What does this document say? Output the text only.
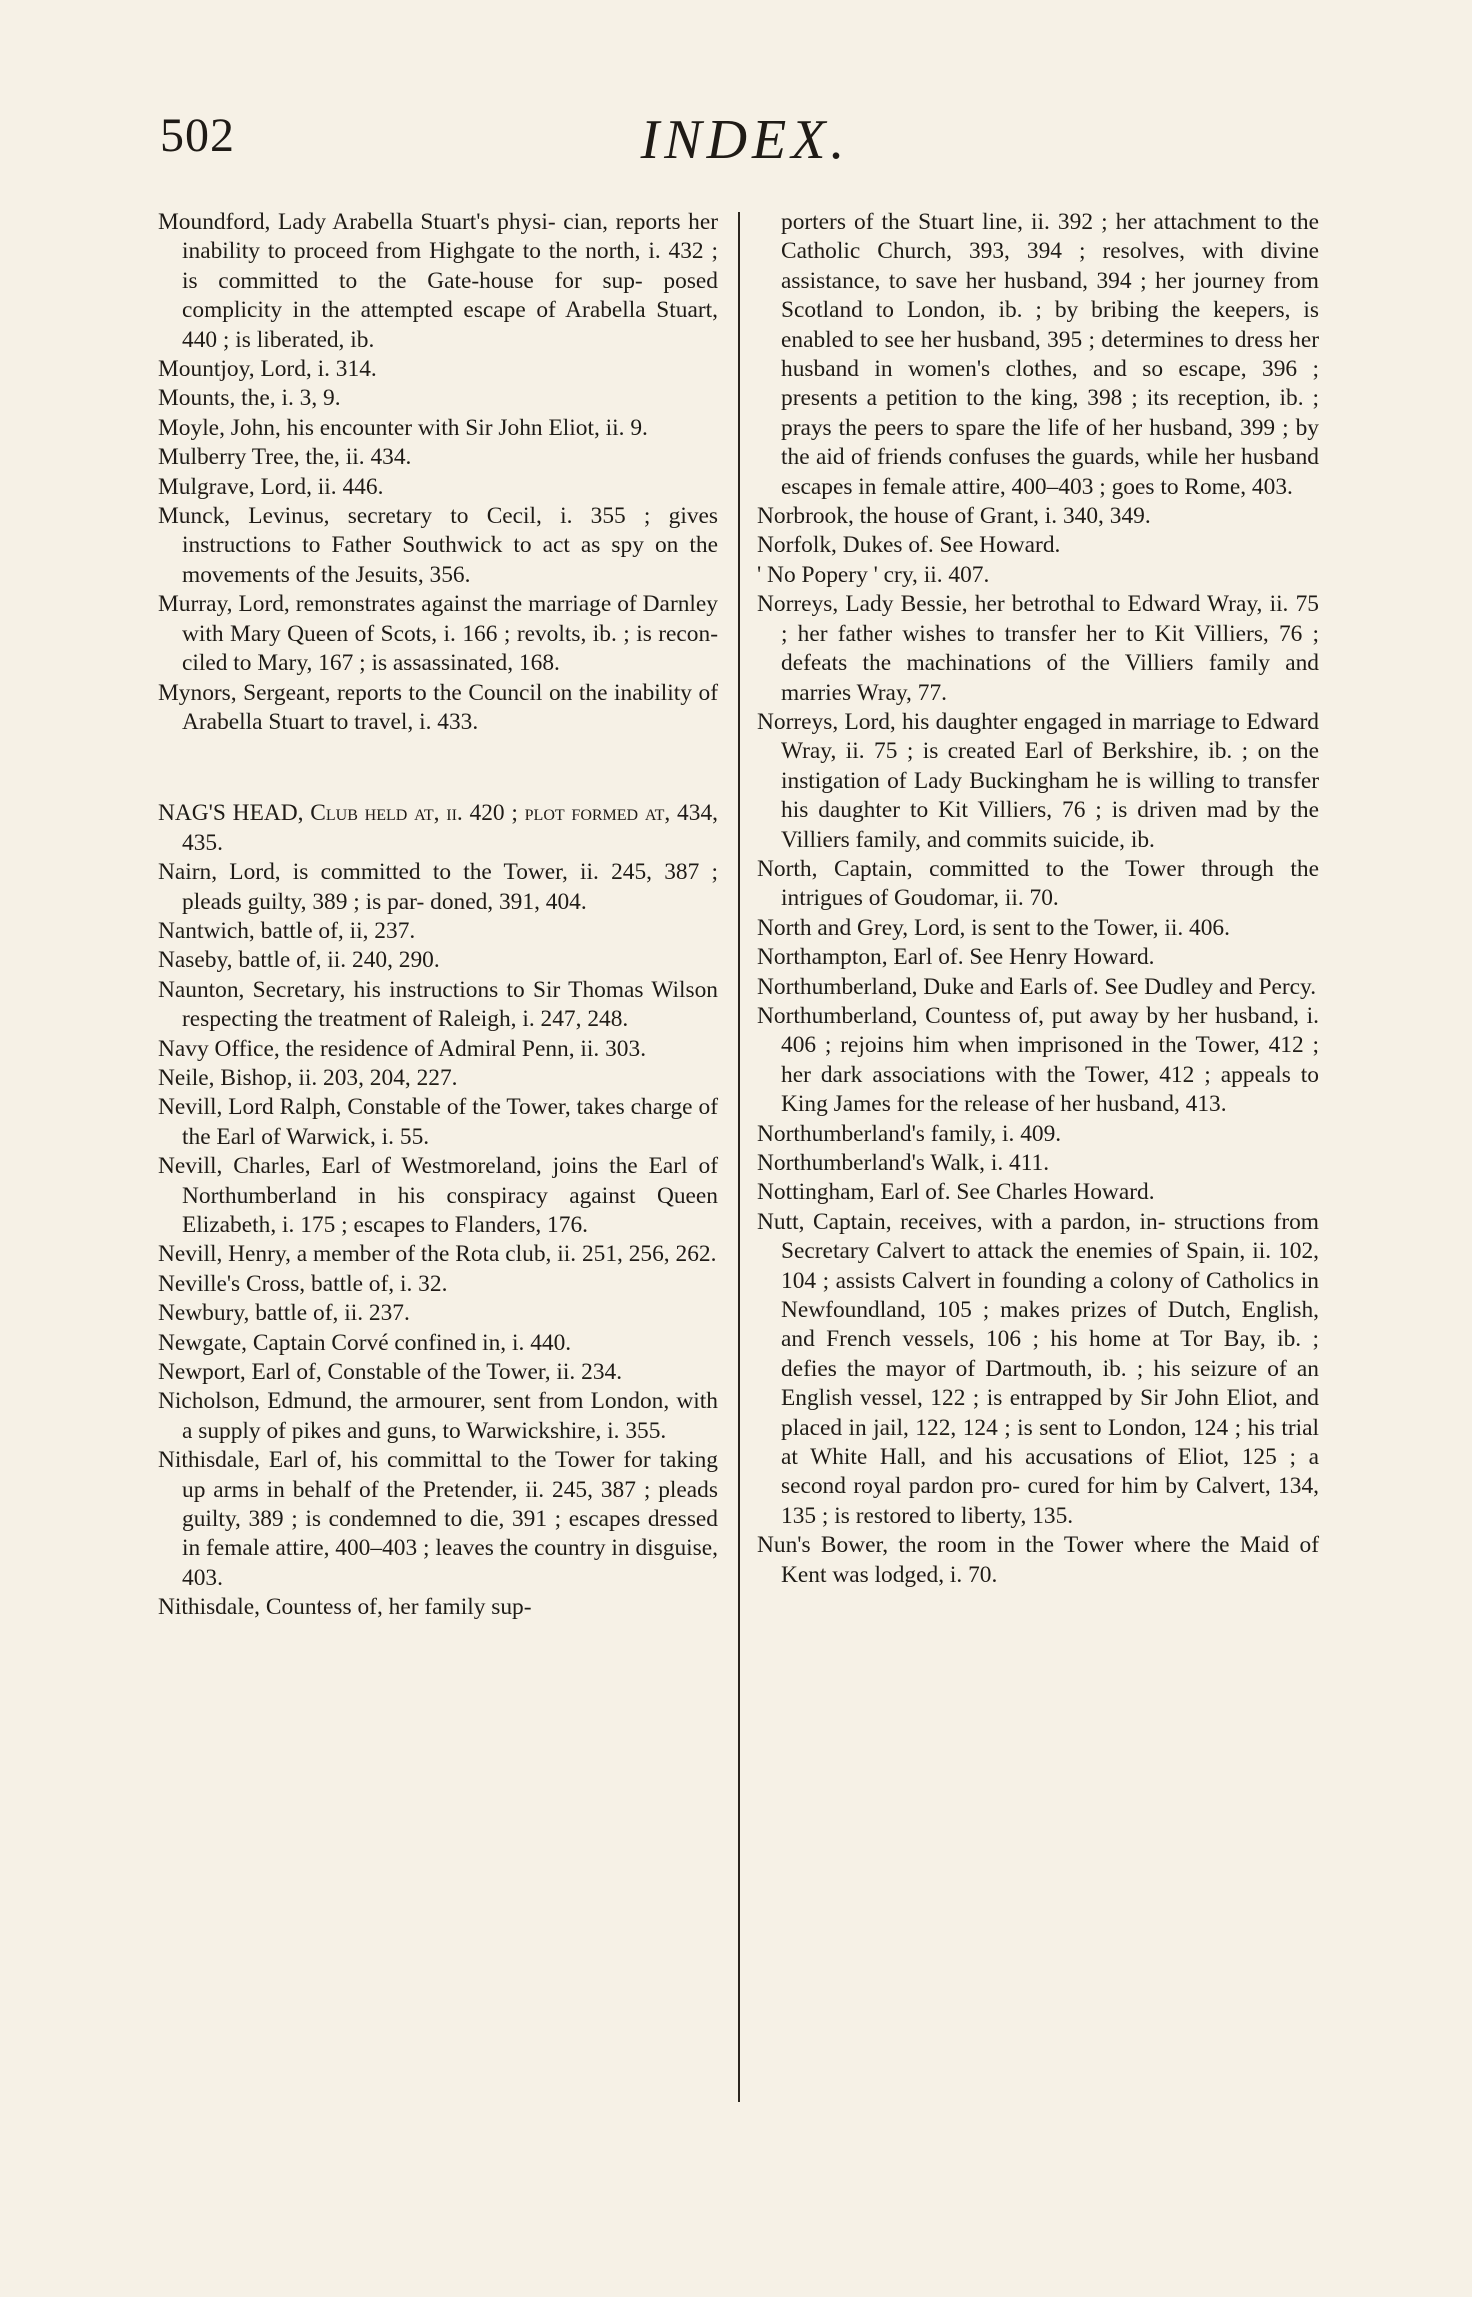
502	INDEX.

Moundford, Lady Arabella Stuart's physi- cian, reports her inability to proceed from Highgate to the north, i. 432 ; is committed to the Gate-house for sup- posed complicity in the attempted escape of Arabella Stuart, 440 ; is liberated, ib.

Mountjoy, Lord, i. 314.

Mounts, the, i. 3, 9.

Moyle, John, his encounter with Sir John Eliot, ii. 9.

Mulberry Tree, the, ii. 434.

Mulgrave, Lord, ii. 446.

Munck, Levinus, secretary to Cecil, i. 355 ; gives instructions to Father Southwick to act as spy on the movements of the Jesuits, 356.

Murray, Lord, remonstrates against the marriage of Darnley with Mary Queen of Scots, i. 166 ; revolts, ib. ; is recon- ciled to Mary, 167 ; is assassinated, 168.

Mynors, Sergeant, reports to the Council on the inability of Arabella Stuart to travel, i. 433.

NAG'S HEAD, Club held at, ii. 420 ; plot formed at, 434, 435.

Nairn, Lord, is committed to the Tower, ii. 245, 387 ; pleads guilty, 389 ; is par- doned, 391, 404.

Nantwich, battle of, ii, 237.

Naseby, battle of, ii. 240, 290.

Naunton, Secretary, his instructions to Sir Thomas Wilson respecting the treatment of Raleigh, i. 247, 248.

Navy Office, the residence of Admiral Penn, ii. 303.

Neile, Bishop, ii. 203, 204, 227.

Nevill, Lord Ralph, Constable of the Tower, takes charge of the Earl of Warwick, i. 55.

Nevill, Charles, Earl of Westmoreland, joins the Earl of Northumberland in his conspiracy against Queen Elizabeth, i. 175 ; escapes to Flanders, 176.

Nevill, Henry, a member of the Rota club, ii. 251, 256, 262.

Neville's Cross, battle of, i. 32.

Newbury, battle of, ii. 237.

Newgate, Captain Corvé confined in, i. 440.

Newport, Earl of, Constable of the Tower, ii. 234.

Nicholson, Edmund, the armourer, sent from London, with a supply of pikes and guns, to Warwickshire, i. 355.

Nithisdale, Earl of, his committal to the Tower for taking up arms in behalf of the Pretender, ii. 245, 387 ; pleads guilty, 389 ; is condemned to die, 391 ; escapes dressed in female attire, 400–403 ; leaves the country in disguise, 403.

Nithisdale, Countess of, her family sup-

porters of the Stuart line, ii. 392 ; her attachment to the Catholic Church, 393, 394 ; resolves, with divine assistance, to save her husband, 394 ; her journey from Scotland to London, ib. ; by bribing the keepers, is enabled to see her husband, 395 ; determines to dress her husband in women's clothes, and so escape, 396 ; presents a petition to the king, 398 ; its reception, ib. ; prays the peers to spare the life of her husband, 399 ; by the aid of friends confuses the guards, while her husband escapes in female attire, 400–403 ; goes to Rome, 403.

Norbrook, the house of Grant, i. 340, 349.

Norfolk, Dukes of. See Howard.

' No Popery ' cry, ii. 407.

Norreys, Lady Bessie, her betrothal to Edward Wray, ii. 75 ; her father wishes to transfer her to Kit Villiers, 76 ; defeats the machinations of the Villiers family and marries Wray, 77.

Norreys, Lord, his daughter engaged in marriage to Edward Wray, ii. 75 ; is created Earl of Berkshire, ib. ; on the instigation of Lady Buckingham he is willing to transfer his daughter to Kit Villiers, 76 ; is driven mad by the Villiers family, and commits suicide, ib.

North, Captain, committed to the Tower through the intrigues of Goudomar, ii. 70.

North and Grey, Lord, is sent to the Tower, ii. 406.

Northampton, Earl of. See Henry Howard.

Northumberland, Duke and Earls of. See Dudley and Percy.

Northumberland, Countess of, put away by her husband, i. 406 ; rejoins him when imprisoned in the Tower, 412 ; her dark associations with the Tower, 412 ; appeals to King James for the release of her husband, 413.

Northumberland's family, i. 409.

Northumberland's Walk, i. 411.

Nottingham, Earl of. See Charles Howard.

Nutt, Captain, receives, with a pardon, in- structions from Secretary Calvert to attack the enemies of Spain, ii. 102, 104 ; assists Calvert in founding a colony of Catholics in Newfoundland, 105 ; makes prizes of Dutch, English, and French vessels, 106 ; his home at Tor Bay, ib. ; defies the mayor of Dartmouth, ib. ; his seizure of an English vessel, 122 ; is entrapped by Sir John Eliot, and placed in jail, 122, 124 ; is sent to London, 124 ; his trial at White Hall, and his accusations of Eliot, 125 ; a second royal pardon pro- cured for him by Calvert, 134, 135 ; is restored to liberty, 135.

Nun's Bower, the room in the Tower where the Maid of Kent was lodged, i. 70.
